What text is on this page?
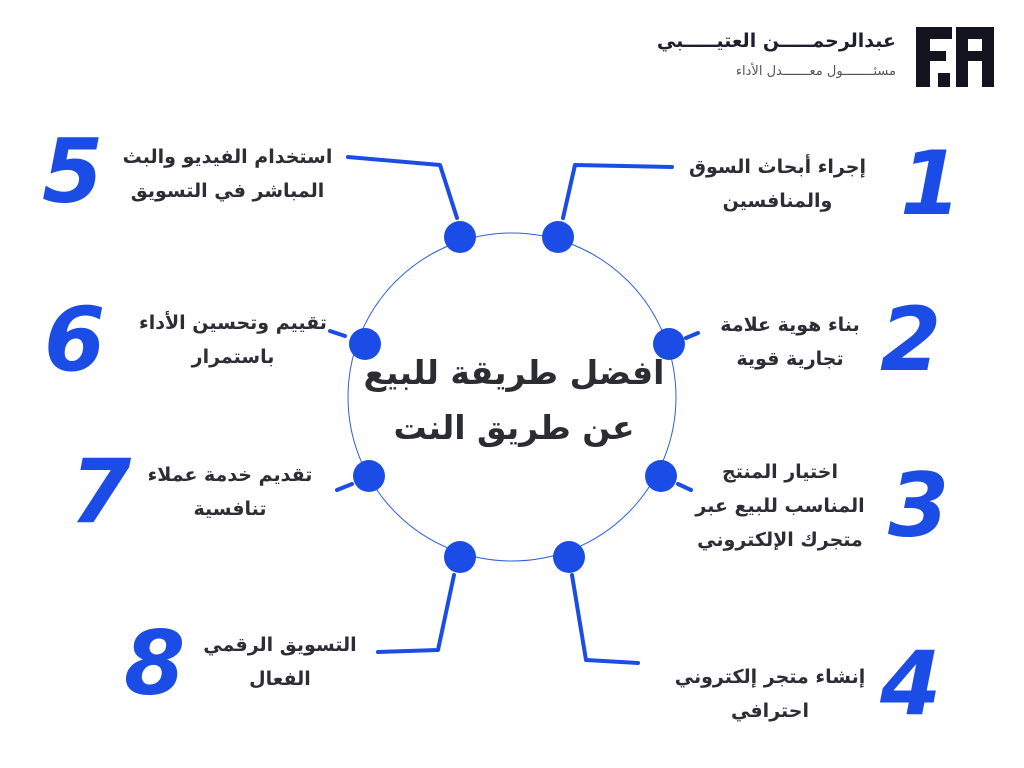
عبدالرحمـــــن العتيـــــبي
مسئــــــــول معـــــــدل الأداء
افضل طريقة للبيع
عن طريق النت
1
إجراء أبحاث السوق
والمنافسين
2
بناء هوية علامة
تجارية قوية
3
اختيار المنتج
المناسب للبيع عبر
متجرك الإلكتروني
4
إنشاء متجر إلكتروني
احترافي
5	استخدام الفيديو والبث
المباشر في التسويق
6	تقييم وتحسين الأداء
باستمرار
7 تقديم خدمة عملاء
تنافسية
8 التسويق الرقمي
الفعال
